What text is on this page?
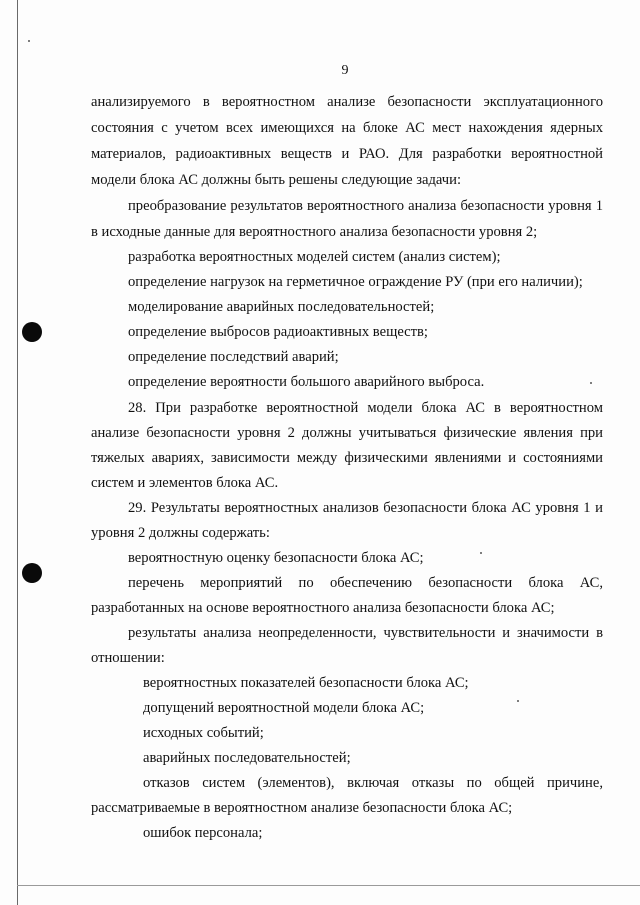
9
анализируемого в вероятностном анализе безопасности эксплуатационного
состояния с учетом всех имеющихся на блоке АС мест нахождения ядерных
материалов, радиоактивных веществ и РАО. Для разработки вероятностной
модели блока АС должны быть решены следующие задачи:
преобразование результатов вероятностного анализа безопасности уровня 1
в исходные данные для вероятностного анализа безопасности уровня 2;
разработка вероятностных моделей систем (анализ систем);
определение нагрузок на герметичное ограждение РУ (при его наличии);
моделирование аварийных последовательностей;
определение выбросов радиоактивных веществ;
определение последствий аварий;
определение вероятности большого аварийного выброса.
28. При разработке вероятностной модели блока АС в вероятностном
анализе безопасности уровня 2 должны учитываться физические явления при
тяжелых авариях, зависимости между физическими явлениями и состояниями
систем и элементов блока АС.
29. Результаты вероятностных анализов безопасности блока АС уровня 1 и
уровня 2 должны содержать:
вероятностную оценку безопасности блока АС;
перечень мероприятий по обеспечению безопасности блока АС,
разработанных на основе вероятностного анализа безопасности блока АС;
результаты анализа неопределенности, чувствительности и значимости в
отношении:
вероятностных показателей безопасности блока АС;
допущений вероятностной модели блока АС;
исходных событий;
аварийных последовательностей;
отказов систем (элементов), включая отказы по общей причине,
рассматриваемые в вероятностном анализе безопасности блока АС;
ошибок персонала;
